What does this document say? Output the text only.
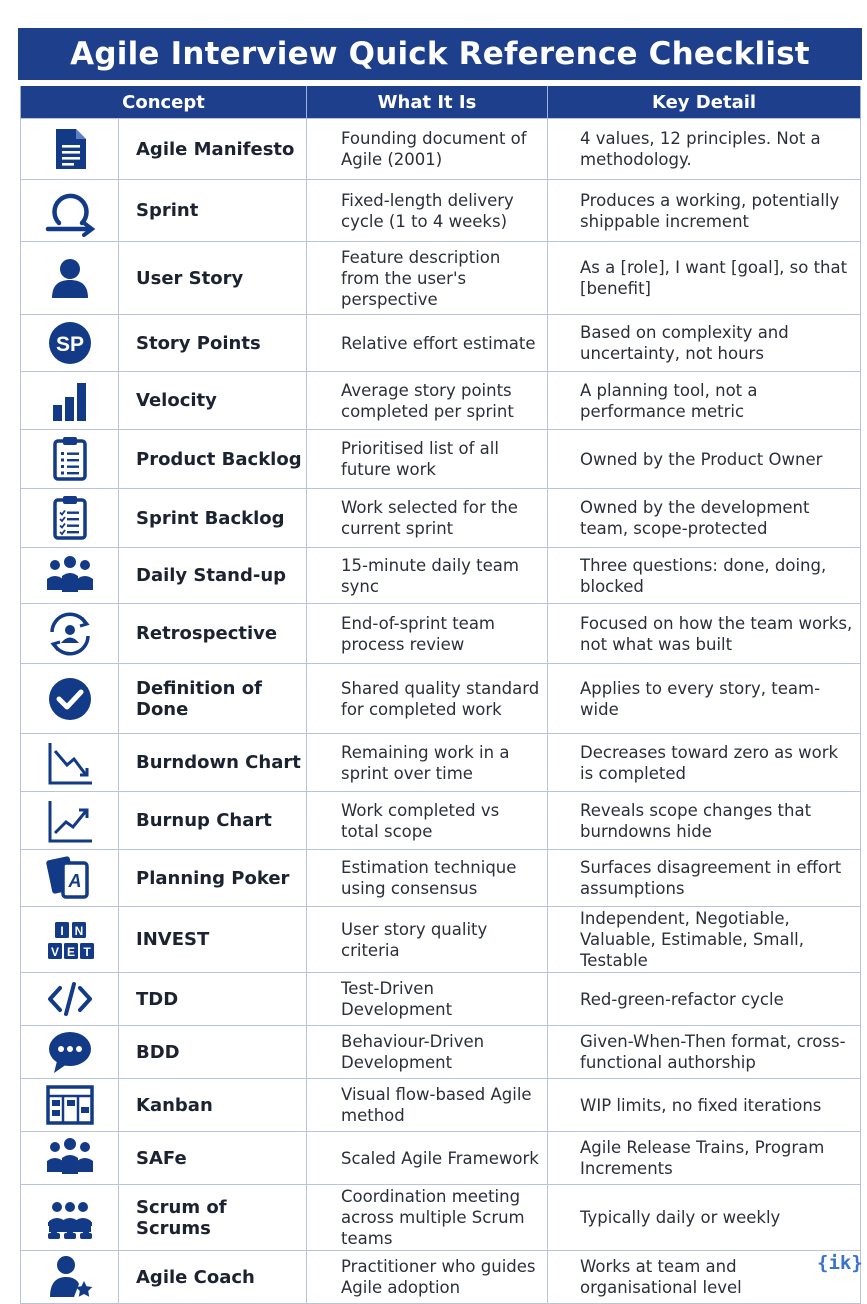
Agile Interview Quick Reference Checklist
Concept		What It Is	Key Detail

	Agile Manifesto	Founding document of Agile (2001)	4 values, 12 principles. Not a methodology.

	Sprint	Fixed-length delivery cycle (1 to 4 weeks)	Produces a working, potentially shippable increment

	User Story	Feature description from the user's perspective	As a [role], I want [goal], so that [benefit]

SP	Story Points	Relative effort estimate	Based on complexity and uncertainty, not hours

	Velocity	Average story points completed per sprint	A planning tool, not a performance metric

	Product Backlog	Prioritised list of all future work	Owned by the Product Owner

	Sprint Backlog	Work selected for the current sprint	Owned by the development team, scope-protected

	Daily Stand-up	15-minute daily team sync	Three questions: done, doing, blocked

	Retrospective	End-of-sprint team process review	Focused on how the team works, not what was built

	Definition of Done	Shared quality standard for completed work	Applies to every story, team-wide

	Burndown Chart	Remaining work in a sprint over time	Decreases toward zero as work is completed

	Burnup Chart	Work completed vs total scope	Reveals scope changes that burndowns hide

A	Planning Poker	Estimation technique using consensus	Surfaces disagreement in effort assumptions

I N
V E T	INVEST	User story quality criteria	Independent, Negotiable, Valuable, Estimable, Small, Testable

	TDD	Test-Driven Development	Red-green-refactor cycle

	BDD	Behaviour-Driven Development	Given-When-Then format, cross-functional authorship

	Kanban	Visual flow-based Agile method	WIP limits, no fixed iterations

	SAFe	Scaled Agile Framework	Agile Release Trains, Program Increments

	Scrum of Scrums	Coordination meeting across multiple Scrum teams	Typically daily or weekly

	Agile Coach	Practitioner who guides Agile adoption	Works at team and organisational level
{ik}
